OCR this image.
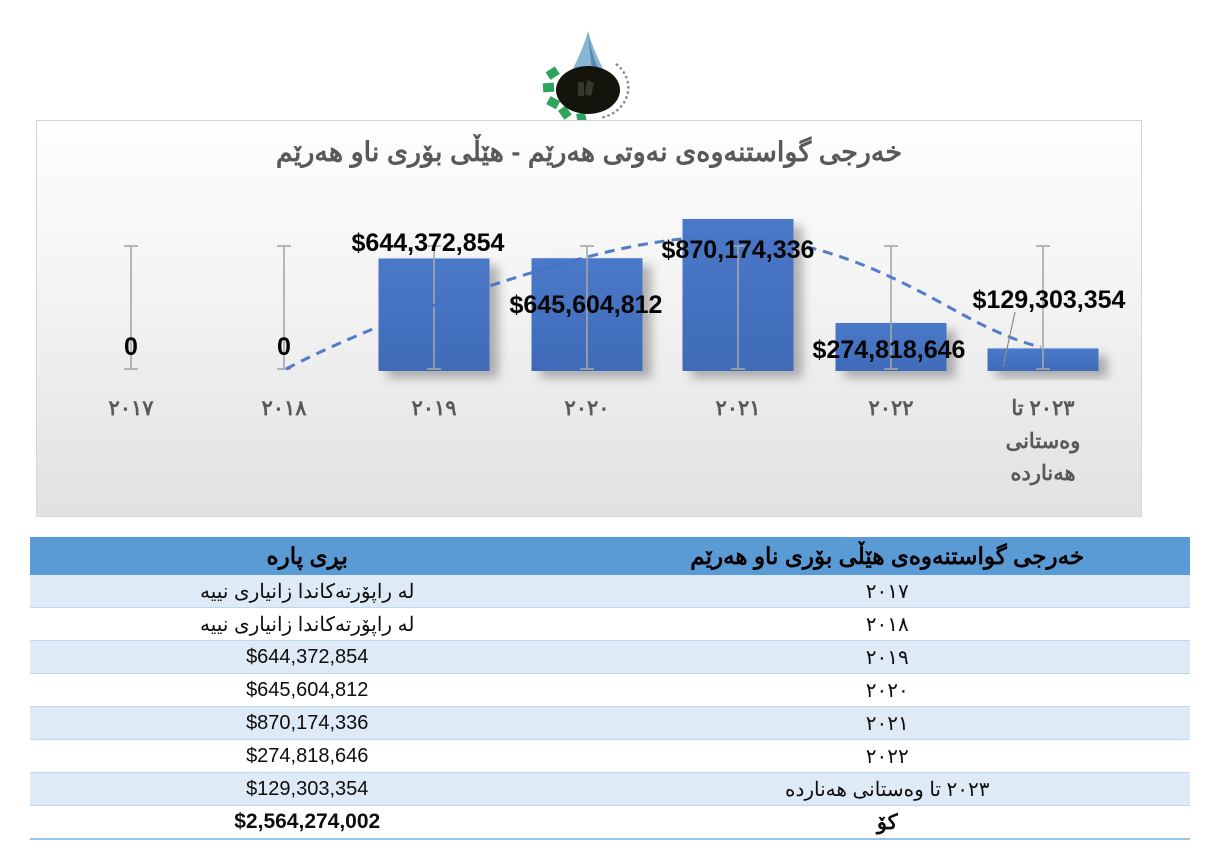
خەرجی گواستنەوەی نەوتی هەرێم - هێڵی بۆری ناو هەرێم
0	0
$644,372,854
$645,604,812
$870,174,336
$274,818,646
$129,303,354
٢٠١٧	٢٠١٨	٢٠١٩	٢٠٢٠	٢٠٢١	٢٠٢٢	٢٠٢٣ تا وەستانی هەناردە
خەرجی گواستنەوەی هێڵی بۆری ناو هەرێم	بڕی پارە
٢٠١٧	لە راپۆرتەکاندا زانیاری نییە
٢٠١٨	لە راپۆرتەکاندا زانیاری نییە
٢٠١٩	$644,372,854
٢٠٢٠	$645,604,812
٢٠٢١	$870,174,336
٢٠٢٢	$274,818,646
٢٠٢٣ تا وەستانی هەناردە	$129,303,354
کۆ	$2,564,274,002
